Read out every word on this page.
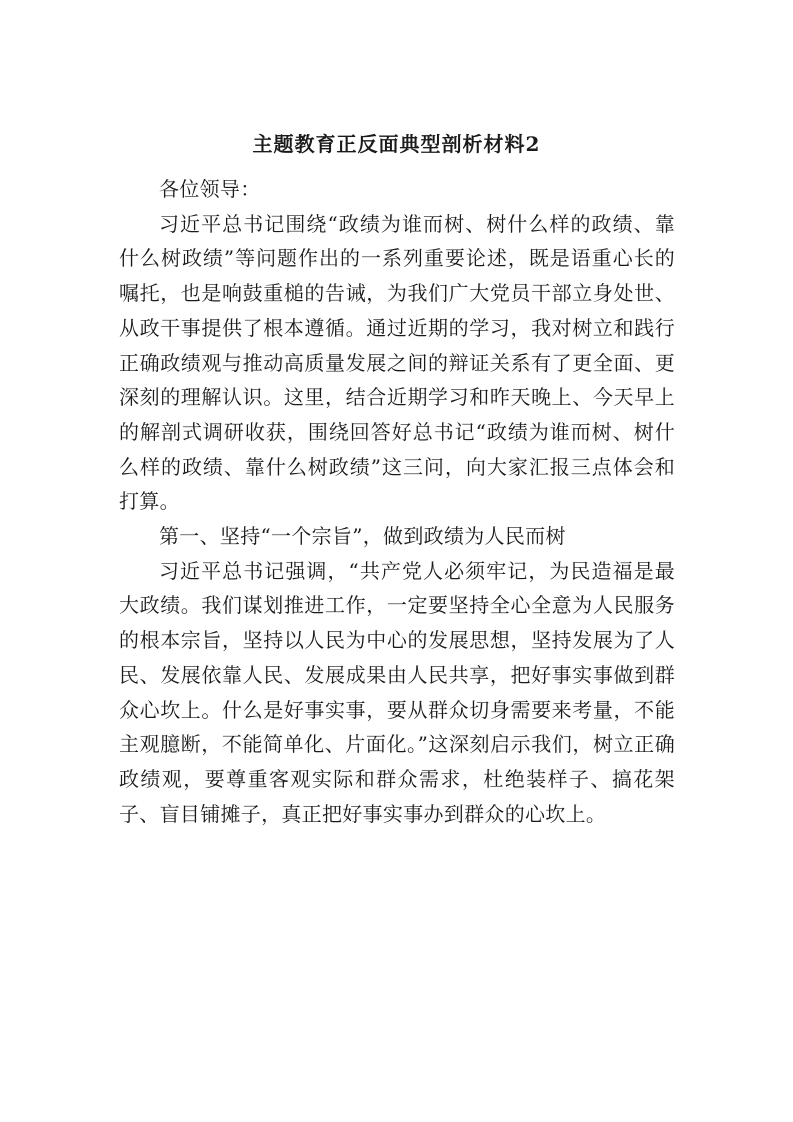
主题教育正反面典型剖析材料2

各位领导：

习近平总书记围绕“政绩为谁而树、树什么样的政绩、靠什么树政绩”等问题作出的一系列重要论述，既是语重心长的嘱托，也是响鼓重槌的告诫，为我们广大党员干部立身处世、从政干事提供了根本遵循。通过近期的学习，我对树立和践行正确政绩观与推动高质量发展之间的辩证关系有了更全面、更深刻的理解认识。这里，结合近期学习和昨天晚上、今天早上的解剖式调研收获，围绕回答好总书记“政绩为谁而树、树什么样的政绩、靠什么树政绩”这三问，向大家汇报三点体会和打算。

第一、坚持“一个宗旨”，做到政绩为人民而树

习近平总书记强调，“共产党人必须牢记，为民造福是最大政绩。我们谋划推进工作，一定要坚持全心全意为人民服务的根本宗旨，坚持以人民为中心的发展思想，坚持发展为了人民、发展依靠人民、发展成果由人民共享，把好事实事做到群众心坎上。什么是好事实事，要从群众切身需要来考量，不能主观臆断，不能简单化、片面化。”这深刻启示我们，树立正确政绩观，要尊重客观实际和群众需求，杜绝装样子、搞花架子、盲目铺摊子，真正把好事实事办到群众的心坎上。
